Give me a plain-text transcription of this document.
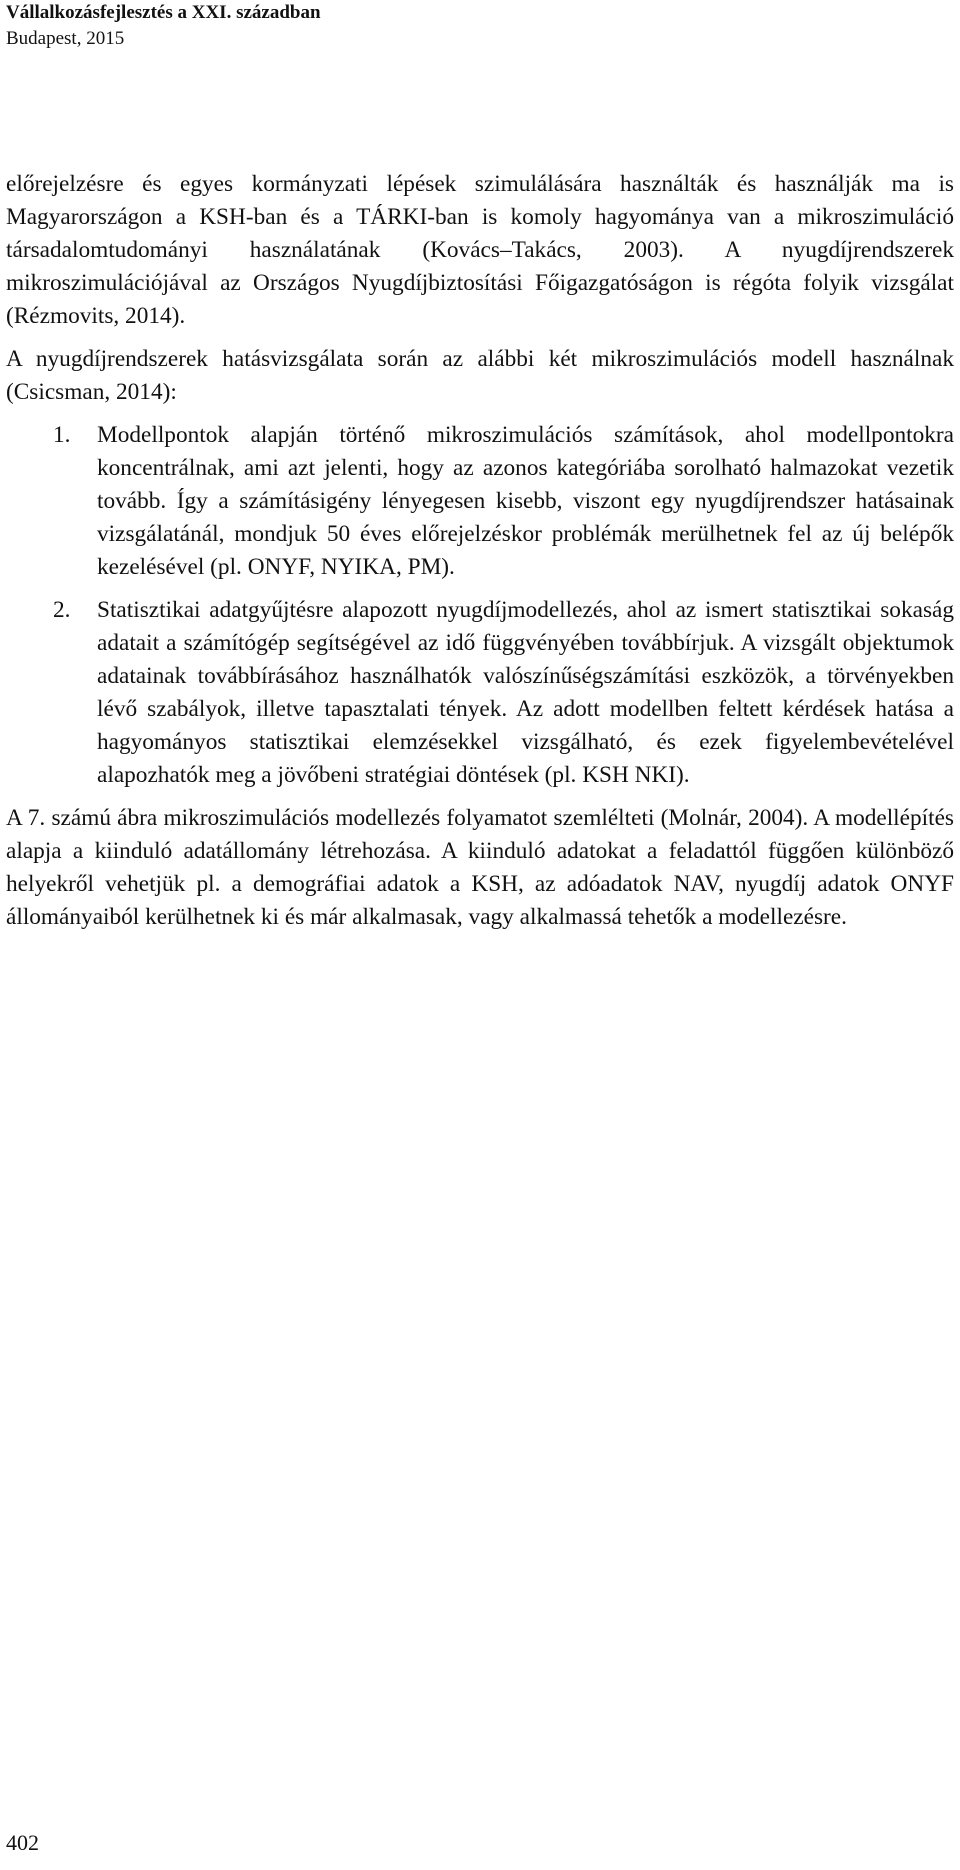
Vállalkozásfejlesztés a XXI. században
Budapest, 2015

előrejelzésre és egyes kormányzati lépések szimulálására használták és használják ma is Magyarországon a KSH-ban és a TÁRKI-ban is komoly hagyománya van a mikroszimuláció társadalomtudományi használatának (Kovács–Takács, 2003). A nyugdíjrendszerek mikroszimulációjával az Országos Nyugdíjbiztosítási Főigazgatóságon is régóta folyik vizsgálat (Rézmovits, 2014).

A nyugdíjrendszerek hatásvizsgálata során az alábbi két mikroszimulációs modell használnak (Csicsman, 2014):

1. Modellpontok alapján történő mikroszimulációs számítások, ahol modellpontokra koncentrálnak, ami azt jelenti, hogy az azonos kategóriába sorolható halmazokat vezetik tovább. Így a számításigény lényegesen kisebb, viszont egy nyugdíjrendszer hatásainak vizsgálatánál, mondjuk 50 éves előrejelzéskor problémák merülhetnek fel az új belépők kezelésével (pl. ONYF, NYIKA, PM).
2. Statisztikai adatgyűjtésre alapozott nyugdíjmodellezés, ahol az ismert statisztikai sokaság adatait a számítógép segítségével az idő függvényében továbbírjuk. A vizsgált objektumok adatainak továbbírásához használhatók valószínűségszámítási eszközök, a törvényekben lévő szabályok, illetve tapasztalati tények. Az adott modellben feltett kérdések hatása a hagyományos statisztikai elemzésekkel vizsgálható, és ezek figyelembevételével alapozhatók meg a jövőbeni stratégiai döntések (pl. KSH NKI).

A 7. számú ábra mikroszimulációs modellezés folyamatot szemlélteti (Molnár, 2004). A modellépítés alapja a kiinduló adatállomány létrehozása. A kiinduló adatokat a feladattól függően különböző helyekről vehetjük pl. a demográfiai adatok a KSH, az adóadatok NAV, nyugdíj adatok ONYF állományaiból kerülhetnek ki és már alkalmasak, vagy alkalmassá tehetők a modellezésre.

402
